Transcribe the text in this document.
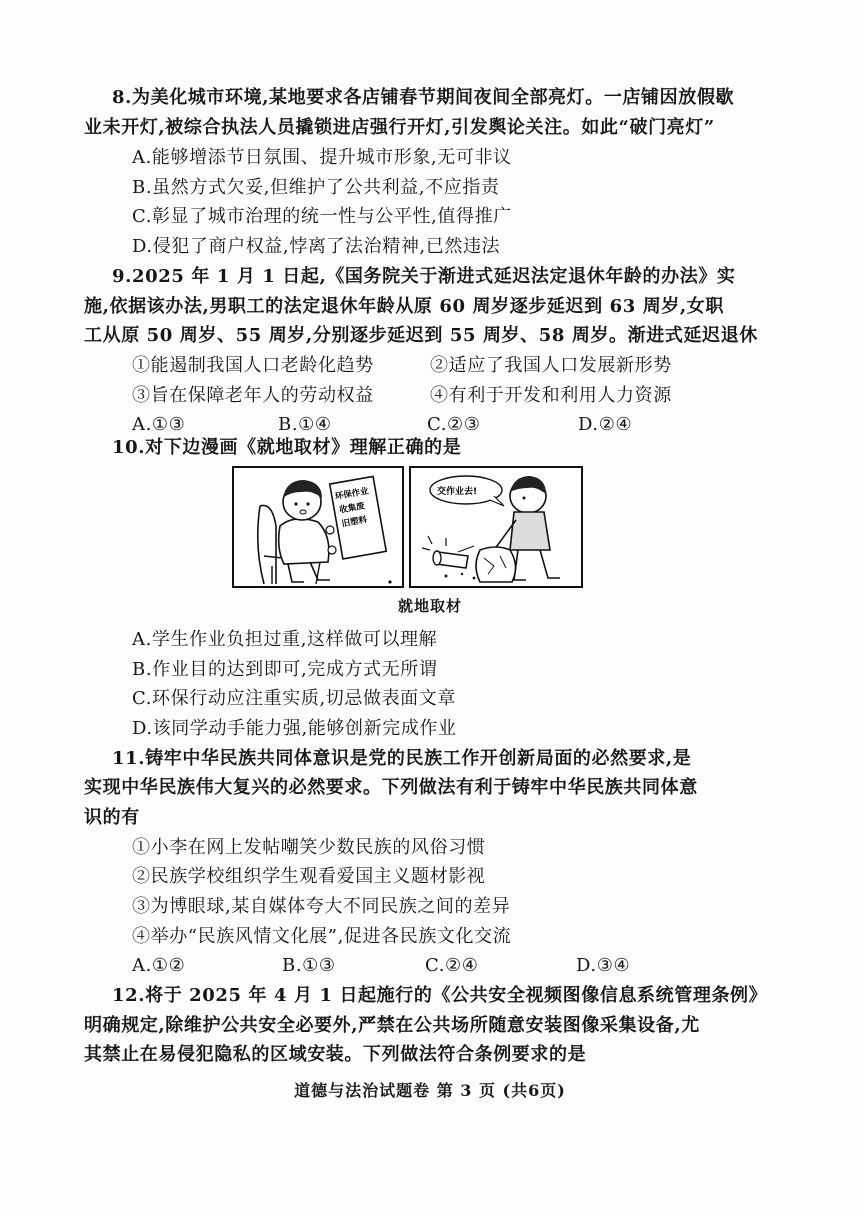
8.为美化城市环境,某地要求各店铺春节期间夜间全部亮灯。一店铺因放假歇
业未开灯,被综合执法人员撬锁进店强行开灯,引发舆论关注。如此“破门亮灯”
A.能够增添节日氛围、提升城市形象,无可非议
B.虽然方式欠妥,但维护了公共利益,不应指责
C.彰显了城市治理的统一性与公平性,值得推广
D.侵犯了商户权益,悖离了法治精神,已然违法
9.2025 年 1 月 1 日起,《国务院关于渐进式延迟法定退休年龄的办法》实
施,依据该办法,男职工的法定退休年龄从原 60 周岁逐步延迟到 63 周岁,女职
工从原 50 周岁、55 周岁,分别逐步延迟到 55 周岁、58 周岁。渐进式延迟退休
①能遏制我国人口老龄化趋势	②适应了我国人口发展新形势
③旨在保障老年人的劳动权益	④有利于开发和利用人力资源
A.①③	B.①④	C.②③	D.②④
10.对下边漫画《就地取材》理解正确的是
环保作业
收集废
旧塑料
交作业去!
就地取材
A.学生作业负担过重,这样做可以理解
B.作业目的达到即可,完成方式无所谓
C.环保行动应注重实质,切忌做表面文章
D.该同学动手能力强,能够创新完成作业
11.铸牢中华民族共同体意识是党的民族工作开创新局面的必然要求,是
实现中华民族伟大复兴的必然要求。下列做法有利于铸牢中华民族共同体意
识的有
①小李在网上发帖嘲笑少数民族的风俗习惯
②民族学校组织学生观看爱国主义题材影视
③为博眼球,某自媒体夸大不同民族之间的差异
④举办“民族风情文化展”,促进各民族文化交流
A.①②	B.①③	C.②④	D.③④
12.将于 2025 年 4 月 1 日起施行的《公共安全视频图像信息系统管理条例》
明确规定,除维护公共安全必要外,严禁在公共场所随意安装图像采集设备,尤
其禁止在易侵犯隐私的区域安装。下列做法符合条例要求的是
道德与法治试题卷 第 3 页 (共6页)
